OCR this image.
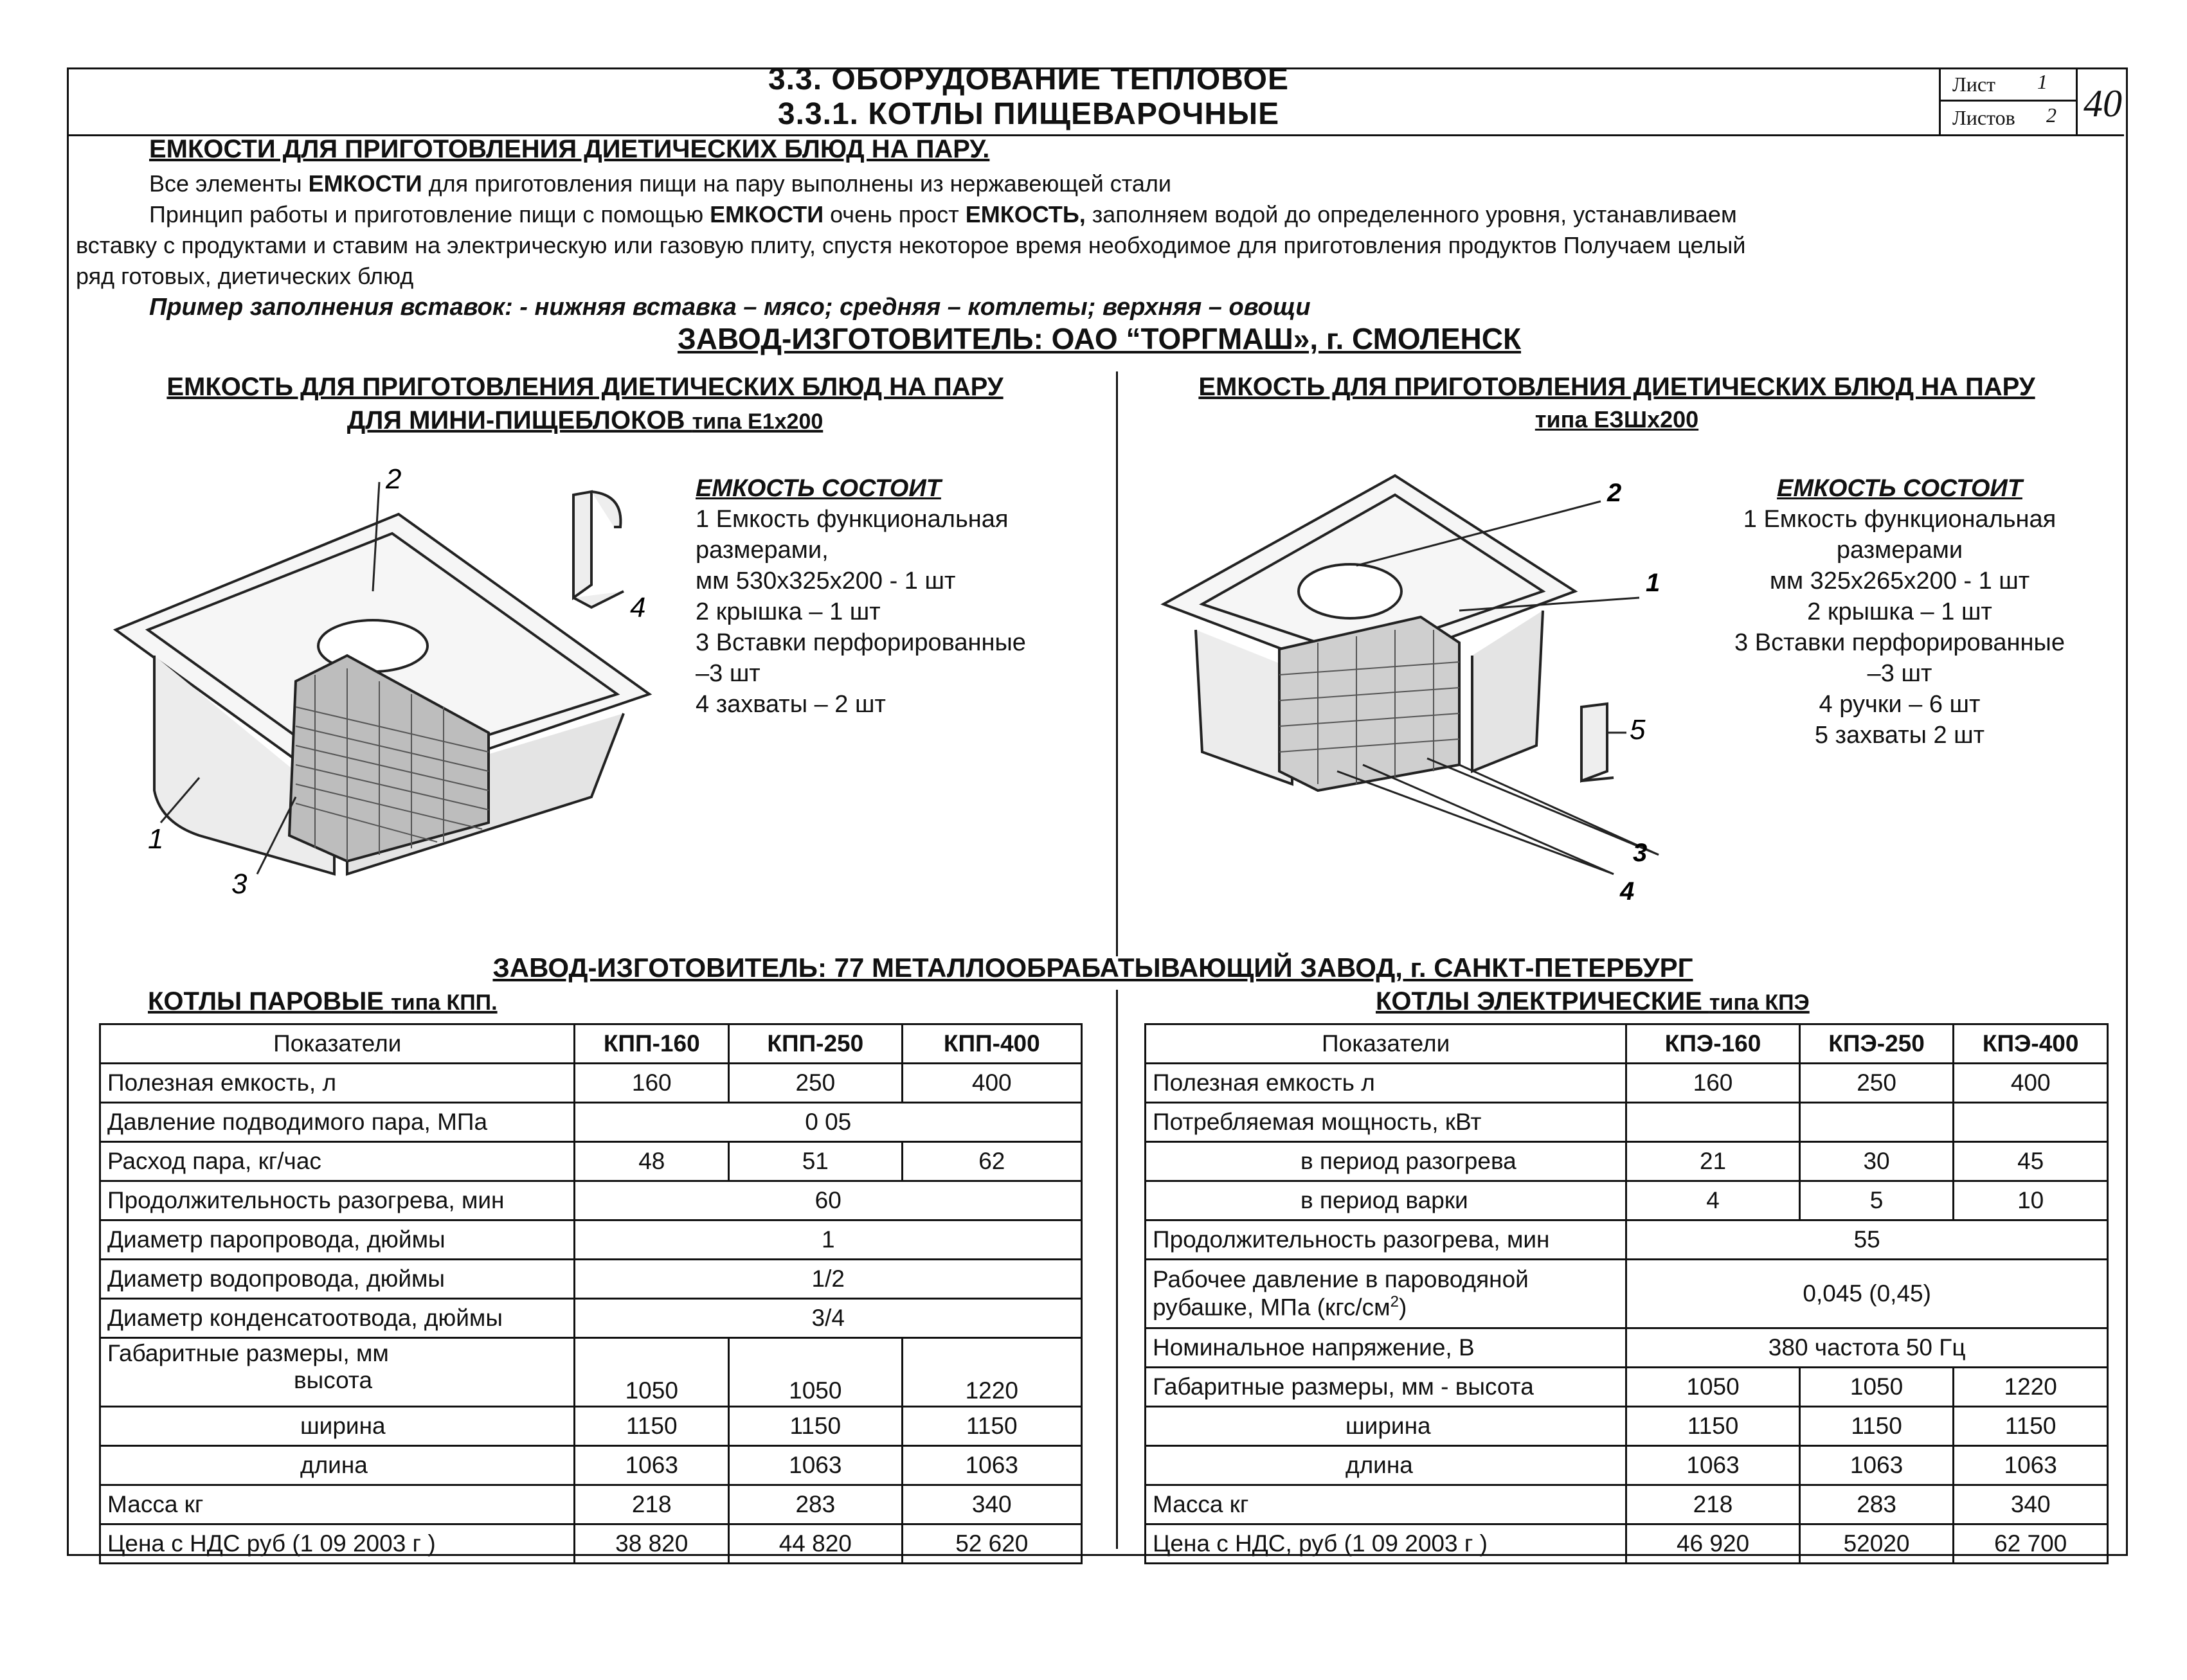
3.3. ОБОРУДОВАНИЕ ТЕПЛОВОЕ
3.3.1. КОТЛЫ ПИЩЕВАРОЧНЫЕ
Лист 1
Листов 2 40
ЕМКОСТИ ДЛЯ ПРИГОТОВЛЕНИЯ ДИЕТИЧЕСКИХ БЛЮД НА ПАРУ.
Все элементы ЕМКОСТИ для приготовления пищи на пару выполнены из нержавеющей стали
Принцип работы и приготовление пищи с помощью ЕМКОСТИ очень прост ЕМКОСТЬ, заполняем водой до определенного уровня, устанавливаем
вставку с продуктами и ставим на электрическую или газовую плиту, спустя некоторое время необходимое для приготовления продуктов Получаем целый
ряд готовых, диетических блюд
Пример заполнения вставок: - нижняя вставка – мясо; средняя – котлеты; верхняя – овощи
ЗАВОД-ИЗГОТОВИТЕЛЬ: ОАО “ТОРГМАШ», г. СМОЛЕНСК
ЕМКОСТЬ ДЛЯ ПРИГОТОВЛЕНИЯ ДИЕТИЧЕСКИХ БЛЮД НА ПАРУ
ДЛЯ МИНИ-ПИЩЕБЛОКОВ типа Е1х200
2
1
3
4
ЕМКОСТЬ СОСТОИТ
1 Емкость функциональная
размерами,
мм 530х325х200 - 1 шт
2 крышка – 1 шт
3 Вставки перфорированные
–3 шт
4 захваты – 2 шт
ЕМКОСТЬ ДЛЯ ПРИГОТОВЛЕНИЯ ДИЕТИЧЕСКИХ БЛЮД НА ПАРУ
типа ЕЗШх200
2
1
3
4
5
ЕМКОСТЬ СОСТОИТ
1 Емкость функциональная
размерами
мм 325х265х200 - 1 шт
2 крышка – 1 шт
3 Вставки перфорированные
–3 шт
4 ручки – 6 шт
5 захваты 2 шт
ЗАВОД-ИЗГОТОВИТЕЛЬ: 77 МЕТАЛЛООБРАБАТЫВАЮЩИЙ ЗАВОД, г. САНКТ-ПЕТЕРБУРГ
КОТЛЫ ПАРОВЫЕ типа КПП.	КОТЛЫ ЭЛЕКТРИЧЕСКИЕ типа КПЭ
Показатели	КПП-160	КПП-250	КПП-400
Полезная емкость, л	160	250	400
Давление подводимого пара, МПа	0 05		
Расход пара, кг/час	48	51	62
Продолжительность разогрева, мин	60		
Диаметр паропровода, дюймы	1		
Диаметр водопровода, дюймы	1/2		
Диаметр конденсатоотвода, дюймы	3/4		

Габаритные размеры, мм
высота	1050	1050	1220
ширина	1150	1150	1150
длина	1063	1063	1063
Масса кг	218	283	340
Цена с НДС руб (1 09 2003 г )	38 820	44 820	52 620
Показатели	КПЭ-160	КПЭ-250	КПЭ-400
Полезная емкость л	160	250	400
Потребляемая мощность, кВт			
в период разогрева	21	30	45
в период варки	4	5	10
Продолжительность разогрева, мин	55		

Рабочее давление в пароводяной
рубашке, МПа $(кгс/см^2)$	0,045 (0,45)		
Номинальное напряжение, В	380 частота 50 Гц		
Габаритные размеры, мм - высота	1050	1050	1220
ширина	1150	1150	1150
длина	1063	1063	1063
Масса кг	218	283	340
Цена с НДС, руб (1 09 2003 г )	46 920	52020	62 700
